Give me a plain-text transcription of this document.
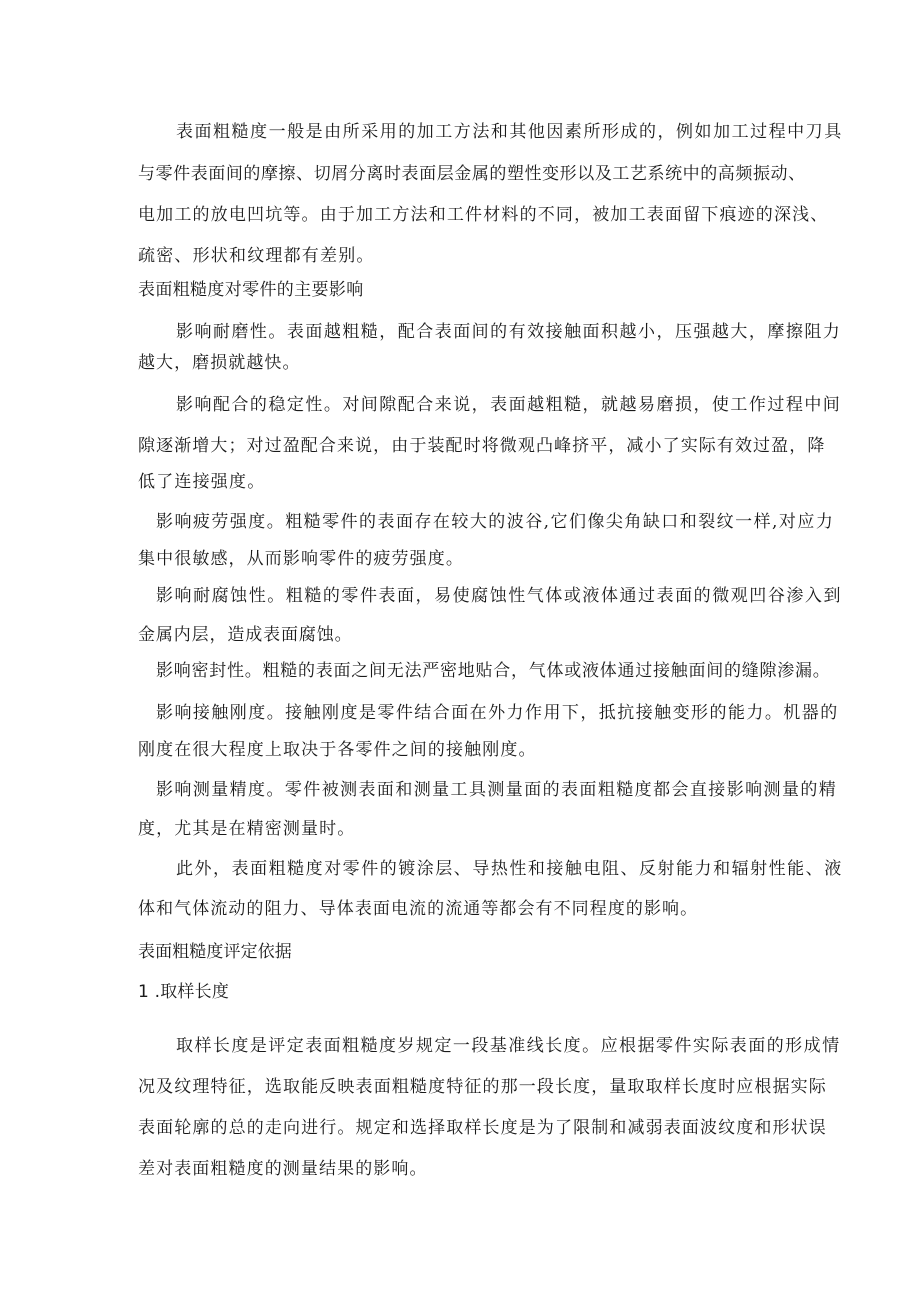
表面粗糙度一般是由所采用的加工方法和其他因素所形成的，例如加工过程中刀具
与零件表面间的摩擦、切屑分离时表面层金属的塑性变形以及工艺系统中的高频振动、
电加工的放电凹坑等。由于加工方法和工件材料的不同，被加工表面留下痕迹的深浅、
疏密、形状和纹理都有差别。
表面粗糙度对零件的主要影响
影响耐磨性。表面越粗糙，配合表面间的有效接触面积越小，压强越大，摩擦阻力
越大，磨损就越快。
影响配合的稳定性。对间隙配合来说，表面越粗糙，就越易磨损，使工作过程中间
隙逐渐增大；对过盈配合来说，由于装配时将微观凸峰挤平，减小了实际有效过盈，降
低了连接强度。
影响疲劳强度。粗糙零件的表面存在较大的波谷,它们像尖角缺口和裂纹一样,对应力
集中很敏感，从而影响零件的疲劳强度。
影响耐腐蚀性。粗糙的零件表面，易使腐蚀性气体或液体通过表面的微观凹谷渗入到
金属内层，造成表面腐蚀。
影响密封性。粗糙的表面之间无法严密地贴合，气体或液体通过接触面间的缝隙渗漏。
影响接触刚度。接触刚度是零件结合面在外力作用下，抵抗接触变形的能力。机器的
刚度在很大程度上取决于各零件之间的接触刚度。
影响测量精度。零件被测表面和测量工具测量面的表面粗糙度都会直接影响测量的精
度，尤其是在精密测量时。
此外，表面粗糙度对零件的镀涂层、导热性和接触电阻、反射能力和辐射性能、液
体和气体流动的阻力、导体表面电流的流通等都会有不同程度的影响。
表面粗糙度评定依据
1 .取样长度
取样长度是评定表面粗糙度岁规定一段基准线长度。应根据零件实际表面的形成情
况及纹理特征，选取能反映表面粗糙度特征的那一段长度，量取取样长度时应根据实际
表面轮廓的总的走向进行。规定和选择取样长度是为了限制和减弱表面波纹度和形状误
差对表面粗糙度的测量结果的影响。
